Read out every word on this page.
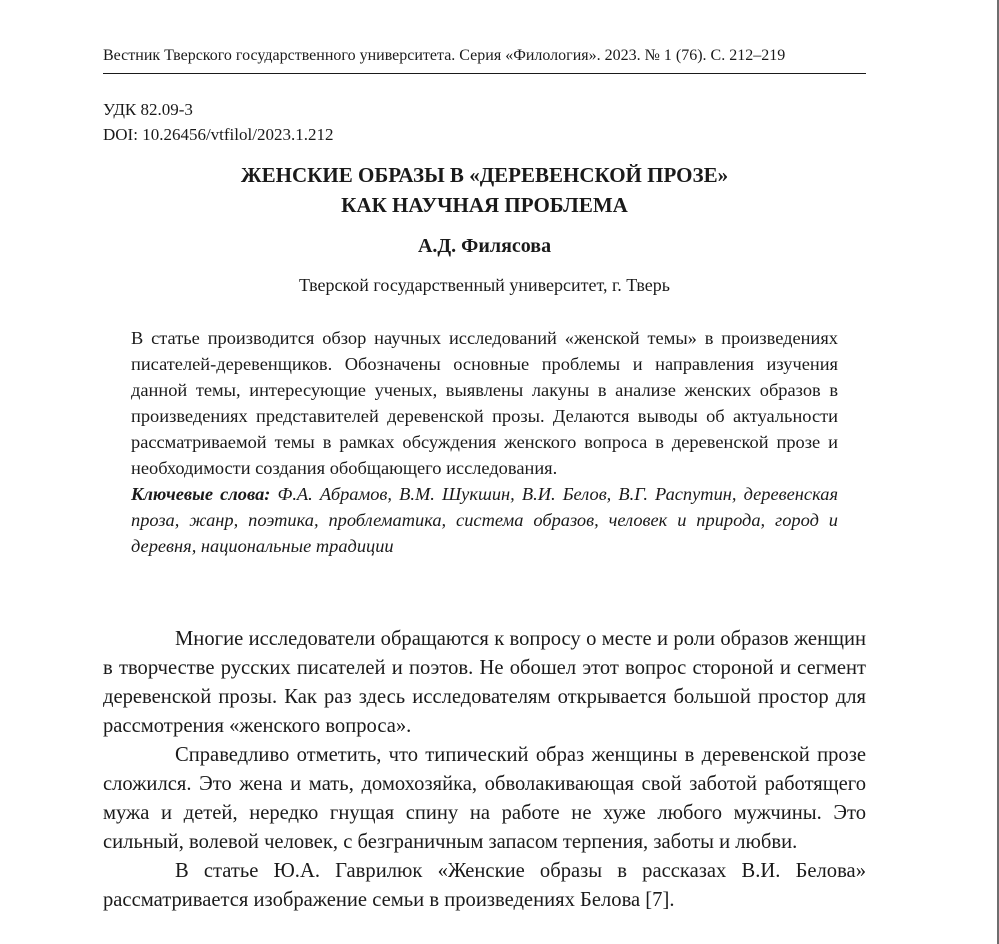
Вестник Тверского государственного университета. Серия «Филология». 2023. № 1 (76). С. 212–219
УДК 82.09-3
DOI: 10.26456/vtfilol/2023.1.212
ЖЕНСКИЕ ОБРАЗЫ В «ДЕРЕВЕНСКОЙ ПРОЗЕ»
КАК НАУЧНАЯ ПРОБЛЕМА
А.Д. Филясова
Тверской государственный университет, г. Тверь

В статье производится обзор научных исследований «женской темы» в произведениях писателей-деревенщиков. Обозначены основные проблемы и направления изучения данной темы, интересующие ученых, выявлены лакуны в анализе женских образов в произведениях представителей деревенской прозы. Делаются выводы об актуальности рассматриваемой темы в рамках обсуждения женского вопроса в деревенской прозе и необходимости создания обобщающего исследования.

Ключевые слова: Ф.А. Абрамов, В.М. Шукшин, В.И. Белов, В.Г. Распутин, деревенская проза, жанр, поэтика, проблематика, система образов, человек и природа, город и деревня, национальные традиции

Многие исследователи обращаются к вопросу о месте и роли образов женщин в творчестве русских писателей и поэтов. Не обошел этот вопрос стороной и сегмент деревенской прозы. Как раз здесь исследователям открывается большой простор для рассмотрения «женского вопроса».

Справедливо отметить, что типический образ женщины в деревенской прозе сложился. Это жена и мать, домохозяйка, обволакивающая свой заботой работящего мужа и детей, нередко гнущая спину на работе не хуже любого мужчины. Это сильный, волевой человек, с безграничным запасом терпения, заботы и любви.

В статье Ю.А. Гаврилюк «Женские образы в рассказах В.И. Белова» рассматривается изображение семьи в произведениях Белова [7].
